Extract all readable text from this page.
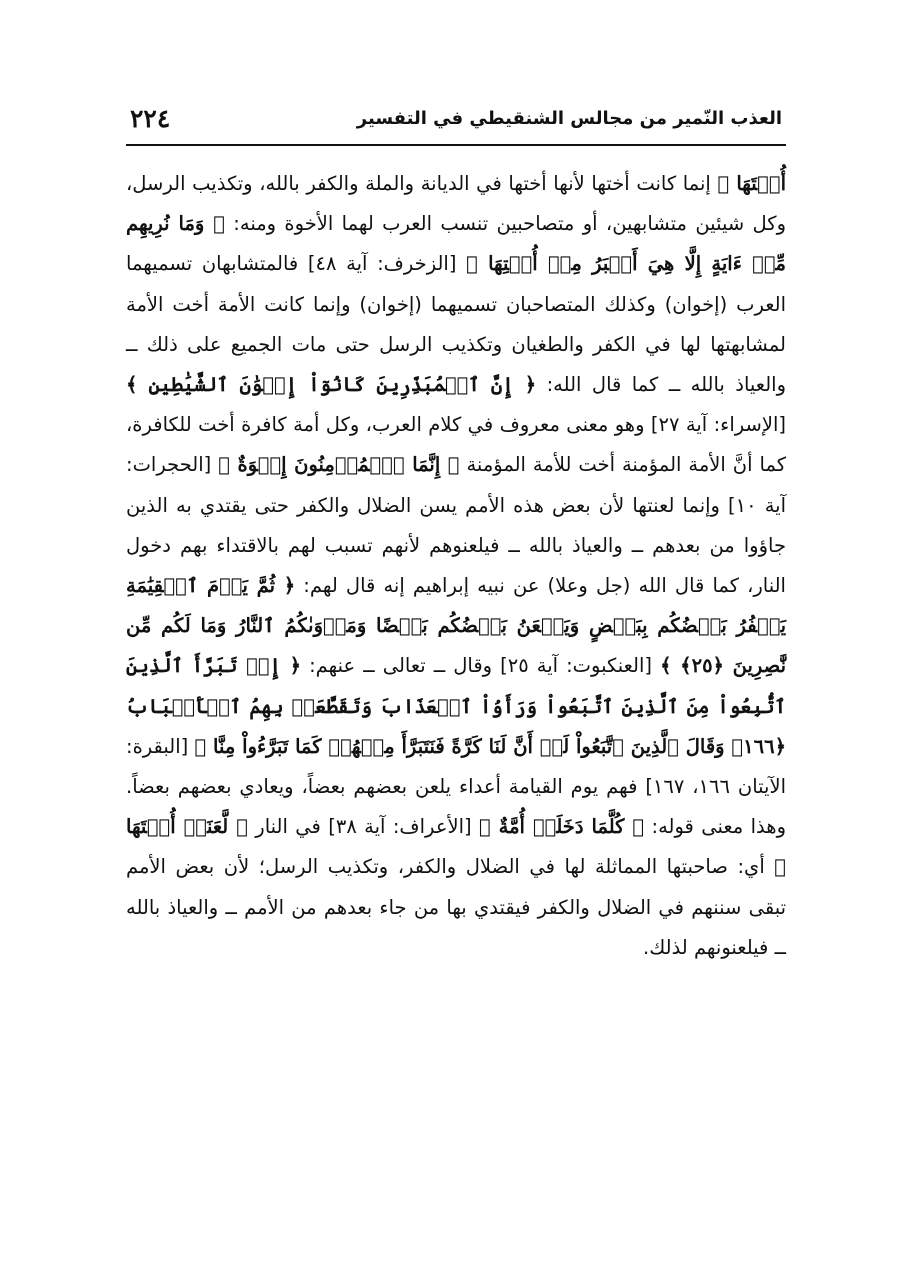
٢٢٤	العذب النّمير من مجالس الشنقيطي في التفسير

أُخۡتَهَا ﴾ إنما كانت أختها لأنها أختها في الديانة والملة والكفر بالله، وتكذيب الرسل، وكل شيئين متشابهين، أو متصاحبين تنسب العرب لهما الأخوة ومنه: ﴿ وَمَا نُرِيهِم مِّنۡ ءَايَةٍ إِلَّا هِيَ أَكۡبَرُ مِنۡ أُخۡتِهَا ﴾ [الزخرف: آية ٤٨] فالمتشابهان تسميهما العرب (إخوان) وكذلك المتصاحبان تسميهما (إخوان) وإنما كانت الأمة أخت الأمة لمشابهتها لها في الكفر والطغيان وتكذيب الرسل حتى مات الجميع على ذلك ــ والعياذ بالله ــ كما قال الله: ﴿ إِنَّ ٱلۡمُبَذِّرِينَ كَانُوٓاْ إِخۡوَٰنَ ٱلشَّيَٰطِينِ ﴾ [الإسراء: آية ٢٧] وهو معنى معروف في كلام العرب، وكل أمة كافرة أخت للكافرة، كما أنَّ الأمة المؤمنة أخت للأمة المؤمنة ﴿ إِنَّمَا ٱلۡمُؤۡمِنُونَ إِخۡوَةٌ ﴾ [الحجرات: آية ١٠] وإنما لعنتها لأن بعض هذه الأمم يسن الضلال والكفر حتى يقتدي به الذين جاؤوا من بعدهم ــ والعياذ بالله ــ فيلعنوهم لأنهم تسبب لهم بالاقتداء بهم دخول النار، كما قال الله (جل وعلا) عن نبيه إبراهيم إنه قال لهم: ﴿ ثُمَّ يَوۡمَ ٱلۡقِيَٰمَةِ يَكۡفُرُ بَعۡضُكُم بِبَعۡضٍ وَيَلۡعَنُ بَعۡضُكُم بَعۡضًا وَمَأۡوَىٰكُمُ ٱلنَّارُ وَمَا لَكُم مِّن نَّٰصِرِينَ ﴿٢٥﴾ ﴾ [العنكبوت: آية ٢٥] وقال ــ تعالى ــ عنهم: ﴿ إِذۡ تَبَرَّأَ ٱلَّذِينَ ٱتُّبِعُواْ مِنَ ٱلَّذِينَ ٱتَّبَعُواْ وَرَأَوُاْ ٱلۡعَذَابَ وَتَقَطَّعَتۡ بِهِمُ ٱلۡأَسۡبَابُ ﴿١٦٦﴾ وَقَالَ ٱلَّذِينَ ٱتَّبَعُواْ لَوۡ أَنَّ لَنَا كَرَّةً فَنَتَبَرَّأَ مِنۡهُمۡ كَمَا تَبَرَّءُواْ مِنَّا ﴾ [البقرة: الآيتان ١٦٦، ١٦٧] فهم يوم القيامة أعداء يلعن بعضهم بعضاً، ويعادي بعضهم بعضاً. وهذا معنى قوله: ﴿ كُلَّمَا دَخَلَتۡ أُمَّةٌ ﴾ [الأعراف: آية ٣٨] في النار ﴿ لَّعَنَتۡ أُخۡتَهَا ﴾ أي: صاحبتها المماثلة لها في الضلال والكفر، وتكذيب الرسل؛ لأن بعض الأمم تبقى سننهم في الضلال والكفر فيقتدي بها من جاء بعدهم من الأمم ــ والعياذ بالله ــ فيلعنونهم لذلك.
